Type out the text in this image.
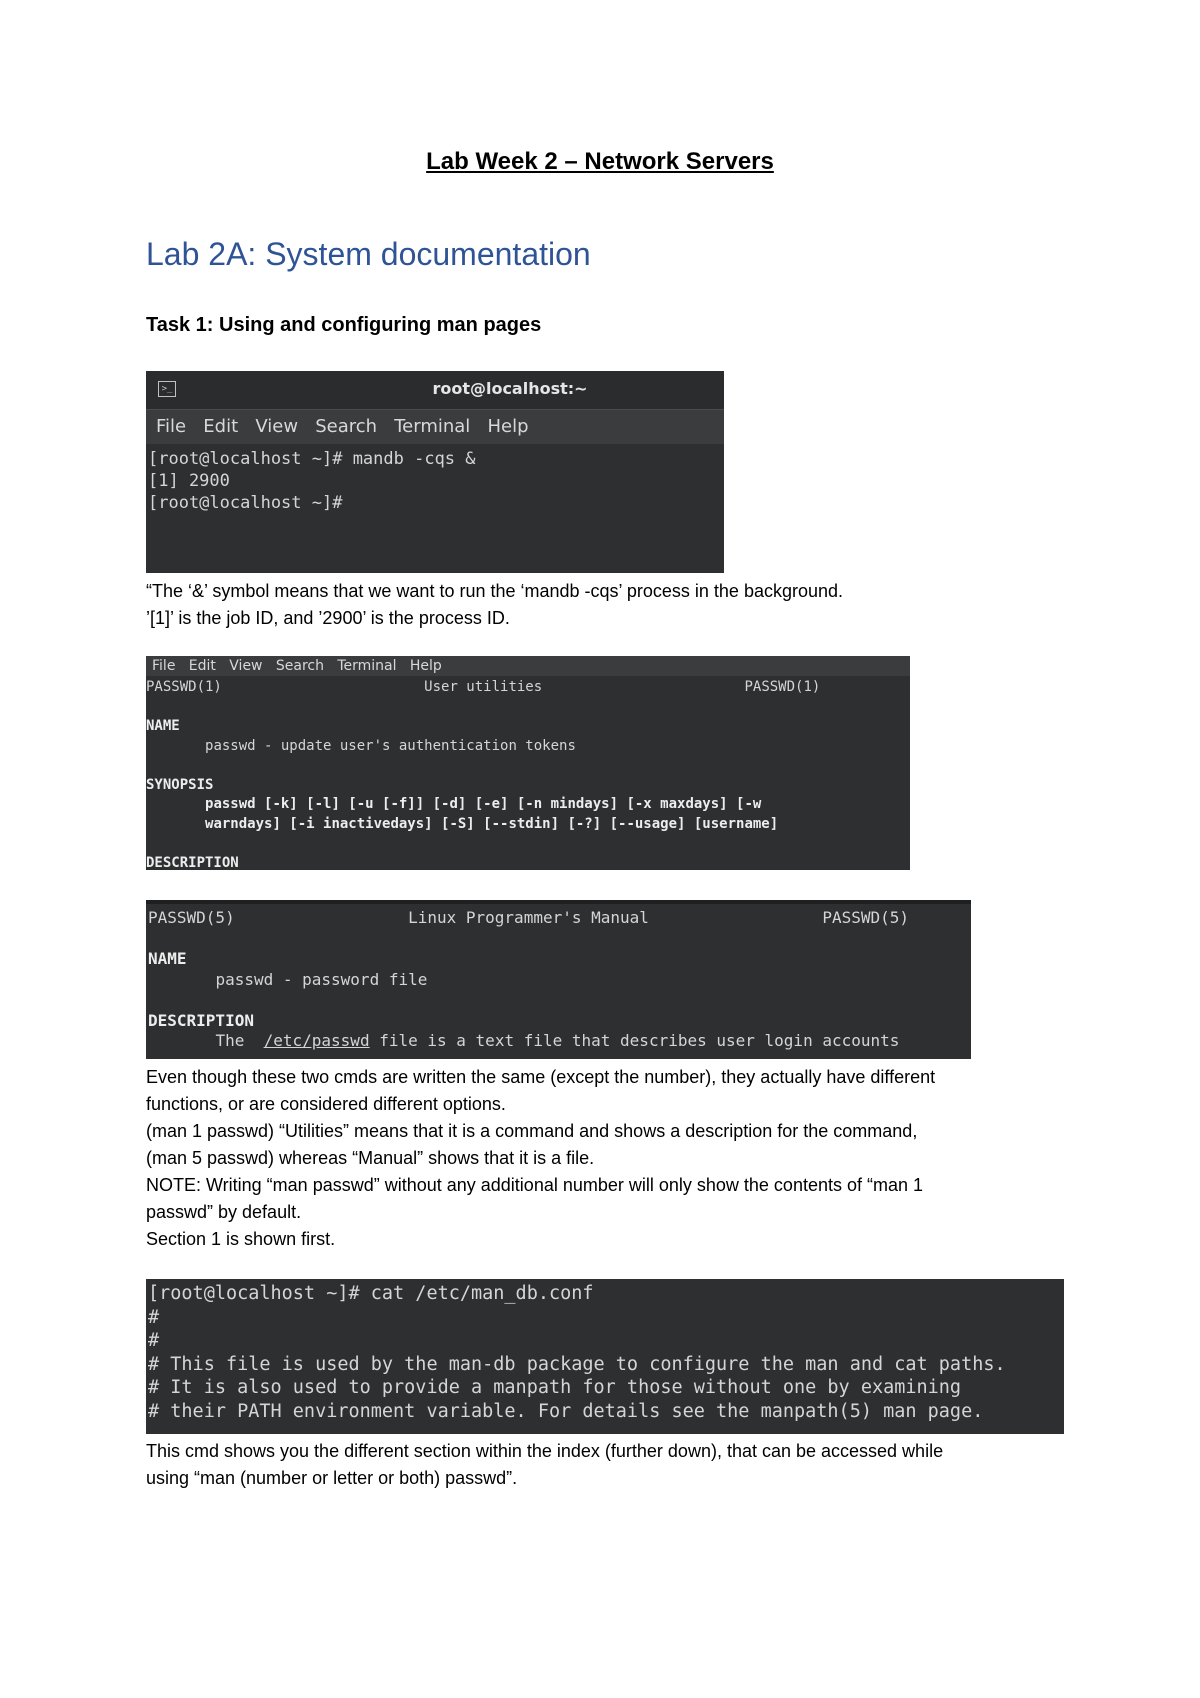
Lab Week 2 – Network Servers
Lab 2A: System documentation
Task 1: Using and configuring man pages
>_	root@localhost:~
File Edit View Search Terminal Help
[root@localhost ~]# mandb -cqs &
[1] 2900
[root@localhost ~]#

“The ‘&’ symbol means that we want to run the ‘mandb -cqs’ process in the background.
’[1]’ is the job ID, and ’2900’ is the process ID.

File Edit View Search Terminal Help
PASSWD(1)	User utilities	PASSWD(1)

NAME
passwd - update user's authentication tokens

SYNOPSIS
passwd [-k] [-l] [-u [-f]] [-d] [-e] [-n mindays] [-x maxdays] [-w
warndays] [-i inactivedays] [-S] [--stdin] [-?] [--usage] [username]

DESCRIPTION
PASSWD(5)	Linux Programmer's Manual	PASSWD(5)

NAME
passwd - password file

DESCRIPTION
The /etc/passwd file is a text file that describes user login accounts

Even though these two cmds are written the same (except the number), they actually have different
functions, or are considered different options.
(man 1 passwd) “Utilities” means that it is a command and shows a description for the command,
(man 5 passwd) whereas “Manual” shows that it is a file.
NOTE: Writing “man passwd” without any additional number will only show the contents of “man 1
passwd” by default.
Section 1 is shown first.

[root@localhost ~]# cat /etc/man_db.conf
#
#
# This file is used by the man-db package to configure the man and cat paths.
# It is also used to provide a manpath for those without one by examining
# their PATH environment variable. For details see the manpath(5) man page.

This cmd shows you the different section within the index (further down), that can be accessed while
using “man (number or letter or both) passwd”.
